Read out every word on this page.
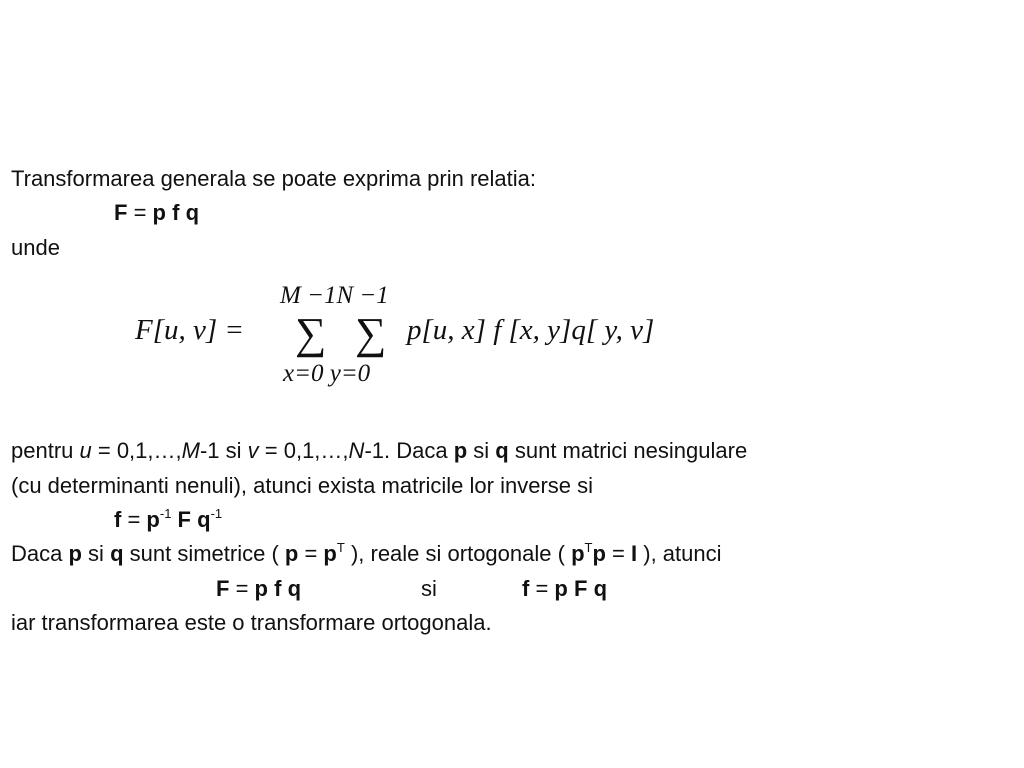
Transformarea generala se poate exprima prin relatia:
F = p f q
unde
F[u, v] =
M −1N −1
∑ ∑
x=0 y=0
p[u, x] f [x, y]q[ y, v]
pentru u = 0,1,…,M-1 si v = 0,1,…,N-1. Daca p si q sunt matrici nesingulare
(cu determinanti nenuli), atunci exista matricile lor inverse si
$f = p^{-1}$ F $q^{-1}$
Daca p si q sunt simetrice ( $p = p^T$ ), reale si ortogonale ( $p^Tp = I$ ), atunci
F = p f q	si	f = p F q
iar transformarea este o transformare ortogonala.
